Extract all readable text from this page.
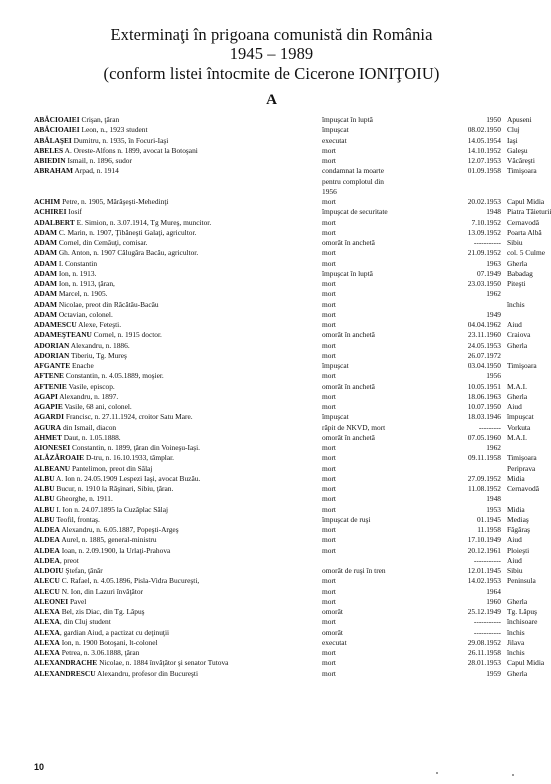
Exterminaţi în prigoana comunistă din România
1945 – 1989
(conform listei întocmite de Cicerone IONIŢOIU)
A
ABĂCIOAIEI Crişan, ţăran	împuşcat în luptă	1950 Apuseni
ABĂCIOAIEI Leon, n., 1923 student	împuşcat	08.02.1950 Cluj
ABĂLAŞEI Dumitru, n. 1935, în Focuri-Iaşi	executat	14.05.1954 Iaşi
ABELES A. Oreste-Alfons n. 1899, avocat la Botoşani	mort	14.10.1952 Galeşu
ABIEDIN Ismail, n. 1896, sudor	mort	12.07.1953 Văcăreşti
ABRAHAM Arpad, n. 1914	condamnat la moarte	01.09.1958 Timişoara
pentru complotul din
1956
ACHIM Petre, n. 1905, Mărăşeşti-Mehedinţi	mort	20.02.1953 Capul Midia
ACHIREI Iosif	împuşcat de securitate	1948 Piatra Tăieturii
ADALBERT E. Simion, n. 3.07.1914, Tg Mureş, muncitor.	mort	7.10.1952 Cernavodă
ADAM C. Marin, n. 1907, Ţibăneşti Galaţi, agricultor.	mort	13.09.1952 Poarta Albă
ADAM Cornel, din Cemăuţi, comisar.	omorât în anchetă	----------- Sibiu
ADAM Gh. Anton, n. 1907 Călugăra Bacău, agricultor.	mort	21.09.1952 col. 5 Culme
ADAM I. Constantin	mort	1963 Gherla
ADAM Ion, n. 1913.	împuşcat în luptă	07.1949 Babadag
ADAM Ion, n. 1913, ţăran,	mort	23.03.1950 Piteşti
ADAM Marcel, n. 1905.	mort	1962
ADAM Nicolae, preot din Răcătău-Bacău	mort	închis
ADAM Octavian, colonel.	mort	1949
ADAMESCU Alexe, Feteşti.	mort	04.04.1962 Aiud
ADAMEŞTEANU Cornel, n. 1915 doctor.	omorât în anchetă	23.11.1960 Craiova
ADORIAN Alexandru, n. 1886.	mort	24.05.1953 Gherla
ADORIAN Tiberiu, Tg. Mureş	mort	26.07.1972
AFGANTE Enache	împuşcat	03.04.1950 Timişoara
AFTENE Constantin, n. 4.05.1889, moşier.	mort	1956
AFTENIE Vasile, episcop.	omorât în anchetă	10.05.1951 M.A.I.
AGAPI Alexandru, n. 1897.	mort	18.06.1963 Gherla
AGAPIE Vasile, 68 ani, colonel.	mort	10.07.1950 Aiud
AGARDI Francisc, n. 27.11.1924, croitor Satu Mare.	împuşcat	18.03.1946 împuşcat
AGURA din Ismail, diacon	răpit de NKVD, mort	--------- Vorkuta
AHMET Daut, n. 1.05.1888.	omorât în anchetă	07.05.1960 M.A.I.
AIONESEI Constantin, n. 1899, ţăran din Voineşu-Iaşi.	mort	1962
ALĂZĂROAIE D-tru, n. 16.10.1933, tâmplar.	mort	09.11.1958 Timişoara
ALBEANU Pantelimon, preot din Sălaj	mort	Periprava
ALBU A. Ion n. 24.05.1909 Lespezi Iaşi, avocat Buzău.	mort	27.09.1952 Midia
ALBU Bucur, n. 1910 la Răşinari, Sibiu, ţăran.	mort	11.08.1952 Cernavodă
ALBU Gheorghe, n. 1911.	mort	1948
ALBU I. Ion n. 24.07.1895 la Cuzăplac Sălaj	mort	1953 Midia
ALBU Teofil, frontaş.	împuşcat de ruşi	01.1945 Mediaş
ALDEA Alexandru, n. 6.05.1887, Popeşti-Argeş	mort	11.1958 Făgăraş
ALDEA Aurel, n. 1885, general-ministru	mort	17.10.1949 Aiud
ALDEA Ioan, n. 2.09.1900, la Urlaţi-Prahova	mort	20.12.1961 Ploieşti
ALDEA, preot	----------- Aiud
ALDOIU Ştefan, ţânăr	omorât de ruşi în tren	12.01.1945 Sibiu
ALECU C. Rafael, n. 4.05.1896, Pisla-Vidra Bucureşti,	mort	14.02.1953 Peninsula
ALECU N. Ion, din Lazuri învăţător	mort	1964
ALEONEI Pavel	mort	1960 Gherla
ALEXA Bel, zis Diac, din Tg. Lăpuş	omorât	25.12.1949 Tg. Lăpuş
ALEXA, din Cluj student	mort	----------- închisoare
ALEXA, gardian Aiud, a pactizat cu deţinuţii	omorât	----------- închis
ALEXA Ion, n. 1900 Botoşani, lt-colonel	executat	29.08.1952 Jilava
ALEXA Petrea, n. 3.06.1888, ţăran	mort	26.11.1958 închis
ALEXANDRACHE Nicolae, n. 1884 învăţător şi senator Tutova	mort	28.01.1953 Capul Midia
ALEXANDRESCU Alexandru, profesor din Bucureşti	mort	1959 Gherla
10
